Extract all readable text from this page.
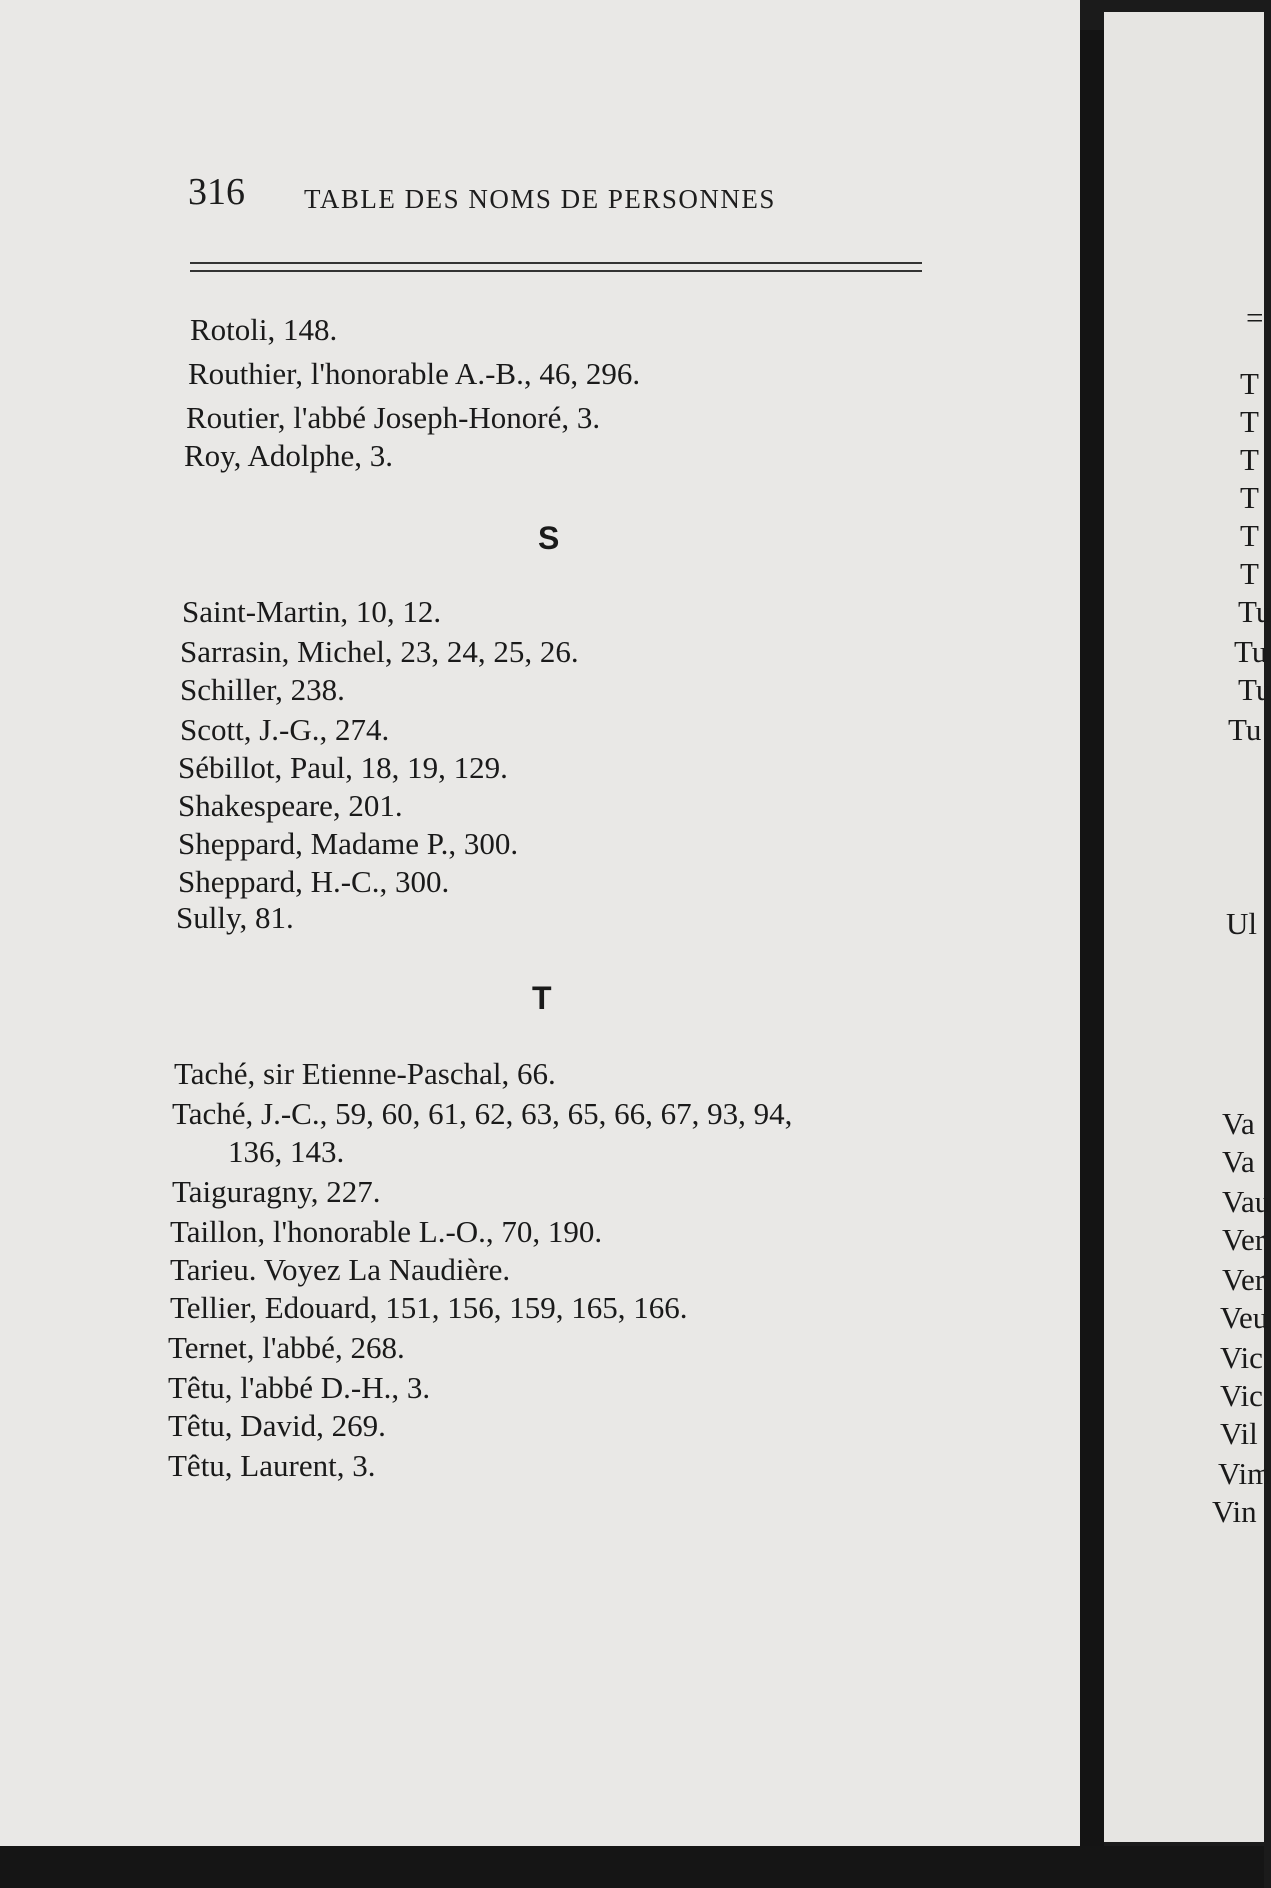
316 TABLE DES NOMS DE PERSONNES
Rotoli, 148.
Routhier, l'honorable A.-B., 46, 296.
Routier, l'abbé Joseph-Honoré, 3.
Roy, Adolphe, 3.
S
Saint-Martin, 10, 12.
Sarrasin, Michel, 23, 24, 25, 26.
Schiller, 238.
Scott, J.-G., 274.
Sébillot, Paul, 18, 19, 129.
Shakespeare, 201.
Sheppard, Madame P., 300.
Sheppard, H.-C., 300.
Sully, 81.
T
Taché, sir Etienne-Paschal, 66.
Taché, J.-C., 59, 60, 61, 62, 63, 65, 66, 67, 93, 94,
136, 143.
Taiguragny, 227.
Taillon, l'honorable L.-O., 70, 190.
Tarieu. Voyez La Naudière.
Tellier, Edouard, 151, 156, 159, 165, 166.
Ternet, l'abbé, 268.
Têtu, l'abbé D.-H., 3.
Têtu, David, 269.
Têtu, Laurent, 3.
=
T
T
T
T
T
T
Tu
Tu
Tu
Tu
Ul
Va
Va
Vau
Ver
Ver
Veu
Vic
Vic
Vil
Vim
Vin
